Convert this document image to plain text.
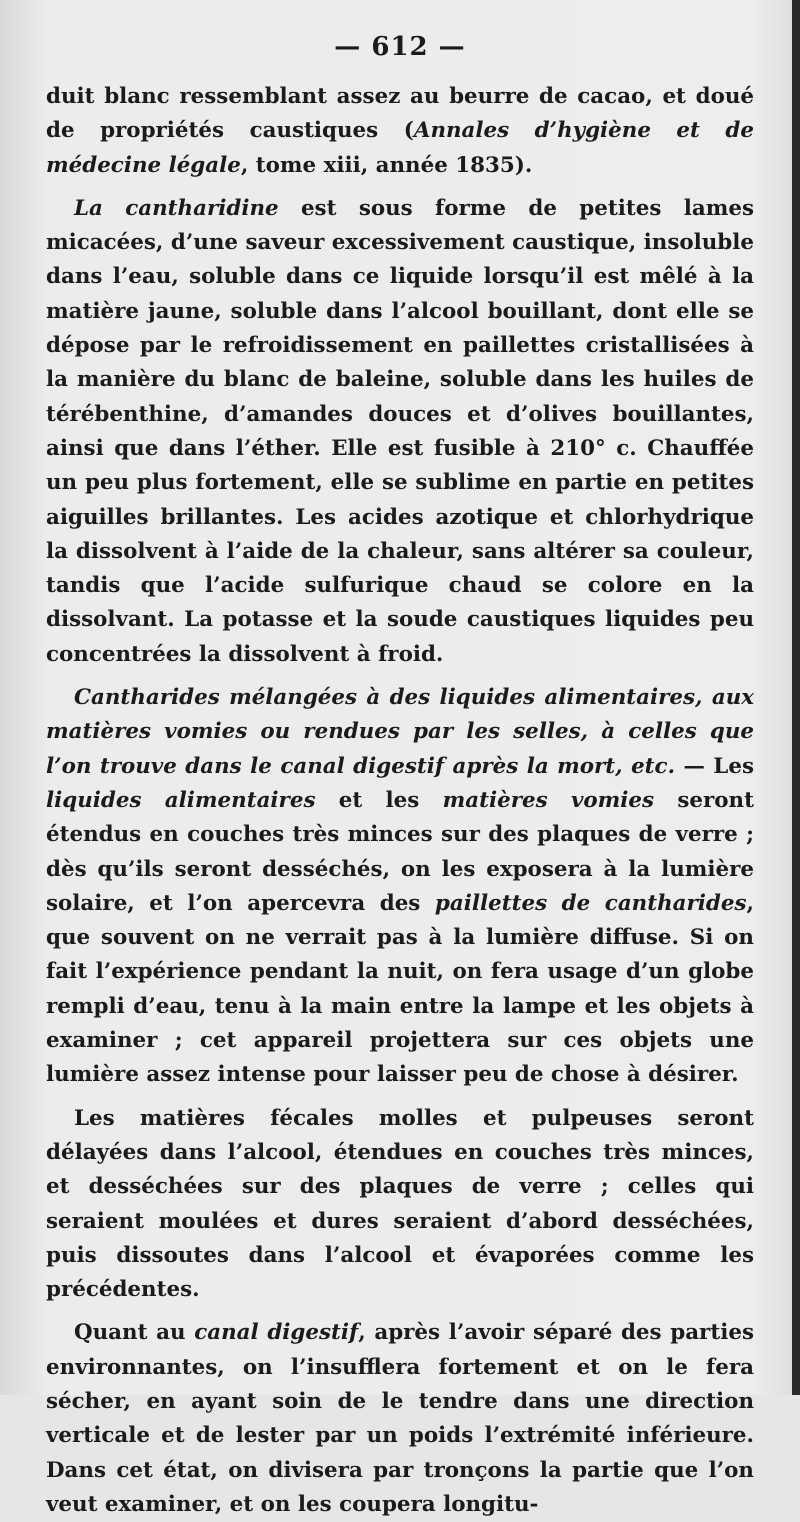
— 612 —

duit blanc ressemblant assez au beurre de cacao, et doué de propriétés caustiques (Annales d’hygiène et de médecine légale, tome xiii, année 1835).

La cantharidine est sous forme de petites lames micacées, d’une saveur excessivement caustique, insoluble dans l’eau, soluble dans ce liquide lorsqu’il est mêlé à la matière jaune, soluble dans l’alcool bouillant, dont elle se dépose par le refroidissement en paillettes cristallisées à la manière du blanc de baleine, soluble dans les huiles de térébenthine, d’amandes douces et d’olives bouillantes, ainsi que dans l’éther. Elle est fusible à 210° c. Chauffée un peu plus fortement, elle se sublime en partie en petites aiguilles brillantes. Les acides azotique et chlorhydrique la dissolvent à l’aide de la chaleur, sans altérer sa couleur, tandis que l’acide sulfurique chaud se colore en la dissolvant. La potasse et la soude caustiques liquides peu concentrées la dissolvent à froid.

Cantharides mélangées à des liquides alimentaires, aux matières vomies ou rendues par les selles, à celles que l’on trouve dans le canal digestif après la mort, etc. — Les liquides alimentaires et les matières vomies seront étendus en couches très minces sur des plaques de verre ; dès qu’ils seront desséchés, on les exposera à la lumière solaire, et l’on apercevra des paillettes de cantharides, que souvent on ne verrait pas à la lumière diffuse. Si on fait l’expérience pendant la nuit, on fera usage d’un globe rempli d’eau, tenu à la main entre la lampe et les objets à examiner ; cet appareil projettera sur ces objets une lumière assez intense pour laisser peu de chose à désirer.

Les matières fécales molles et pulpeuses seront délayées dans l’alcool, étendues en couches très minces, et desséchées sur des plaques de verre ; celles qui seraient moulées et dures seraient d’abord desséchées, puis dissoutes dans l’alcool et évaporées comme les précédentes.

Quant au canal digestif, après l’avoir séparé des parties environnantes, on l’insufflera fortement et on le fera sécher, en ayant soin de le tendre dans une direction verticale et de lester par un poids l’extrémité inférieure. Dans cet état, on divisera par tronçons la partie que l’on veut examiner, et on les coupera longitu-
